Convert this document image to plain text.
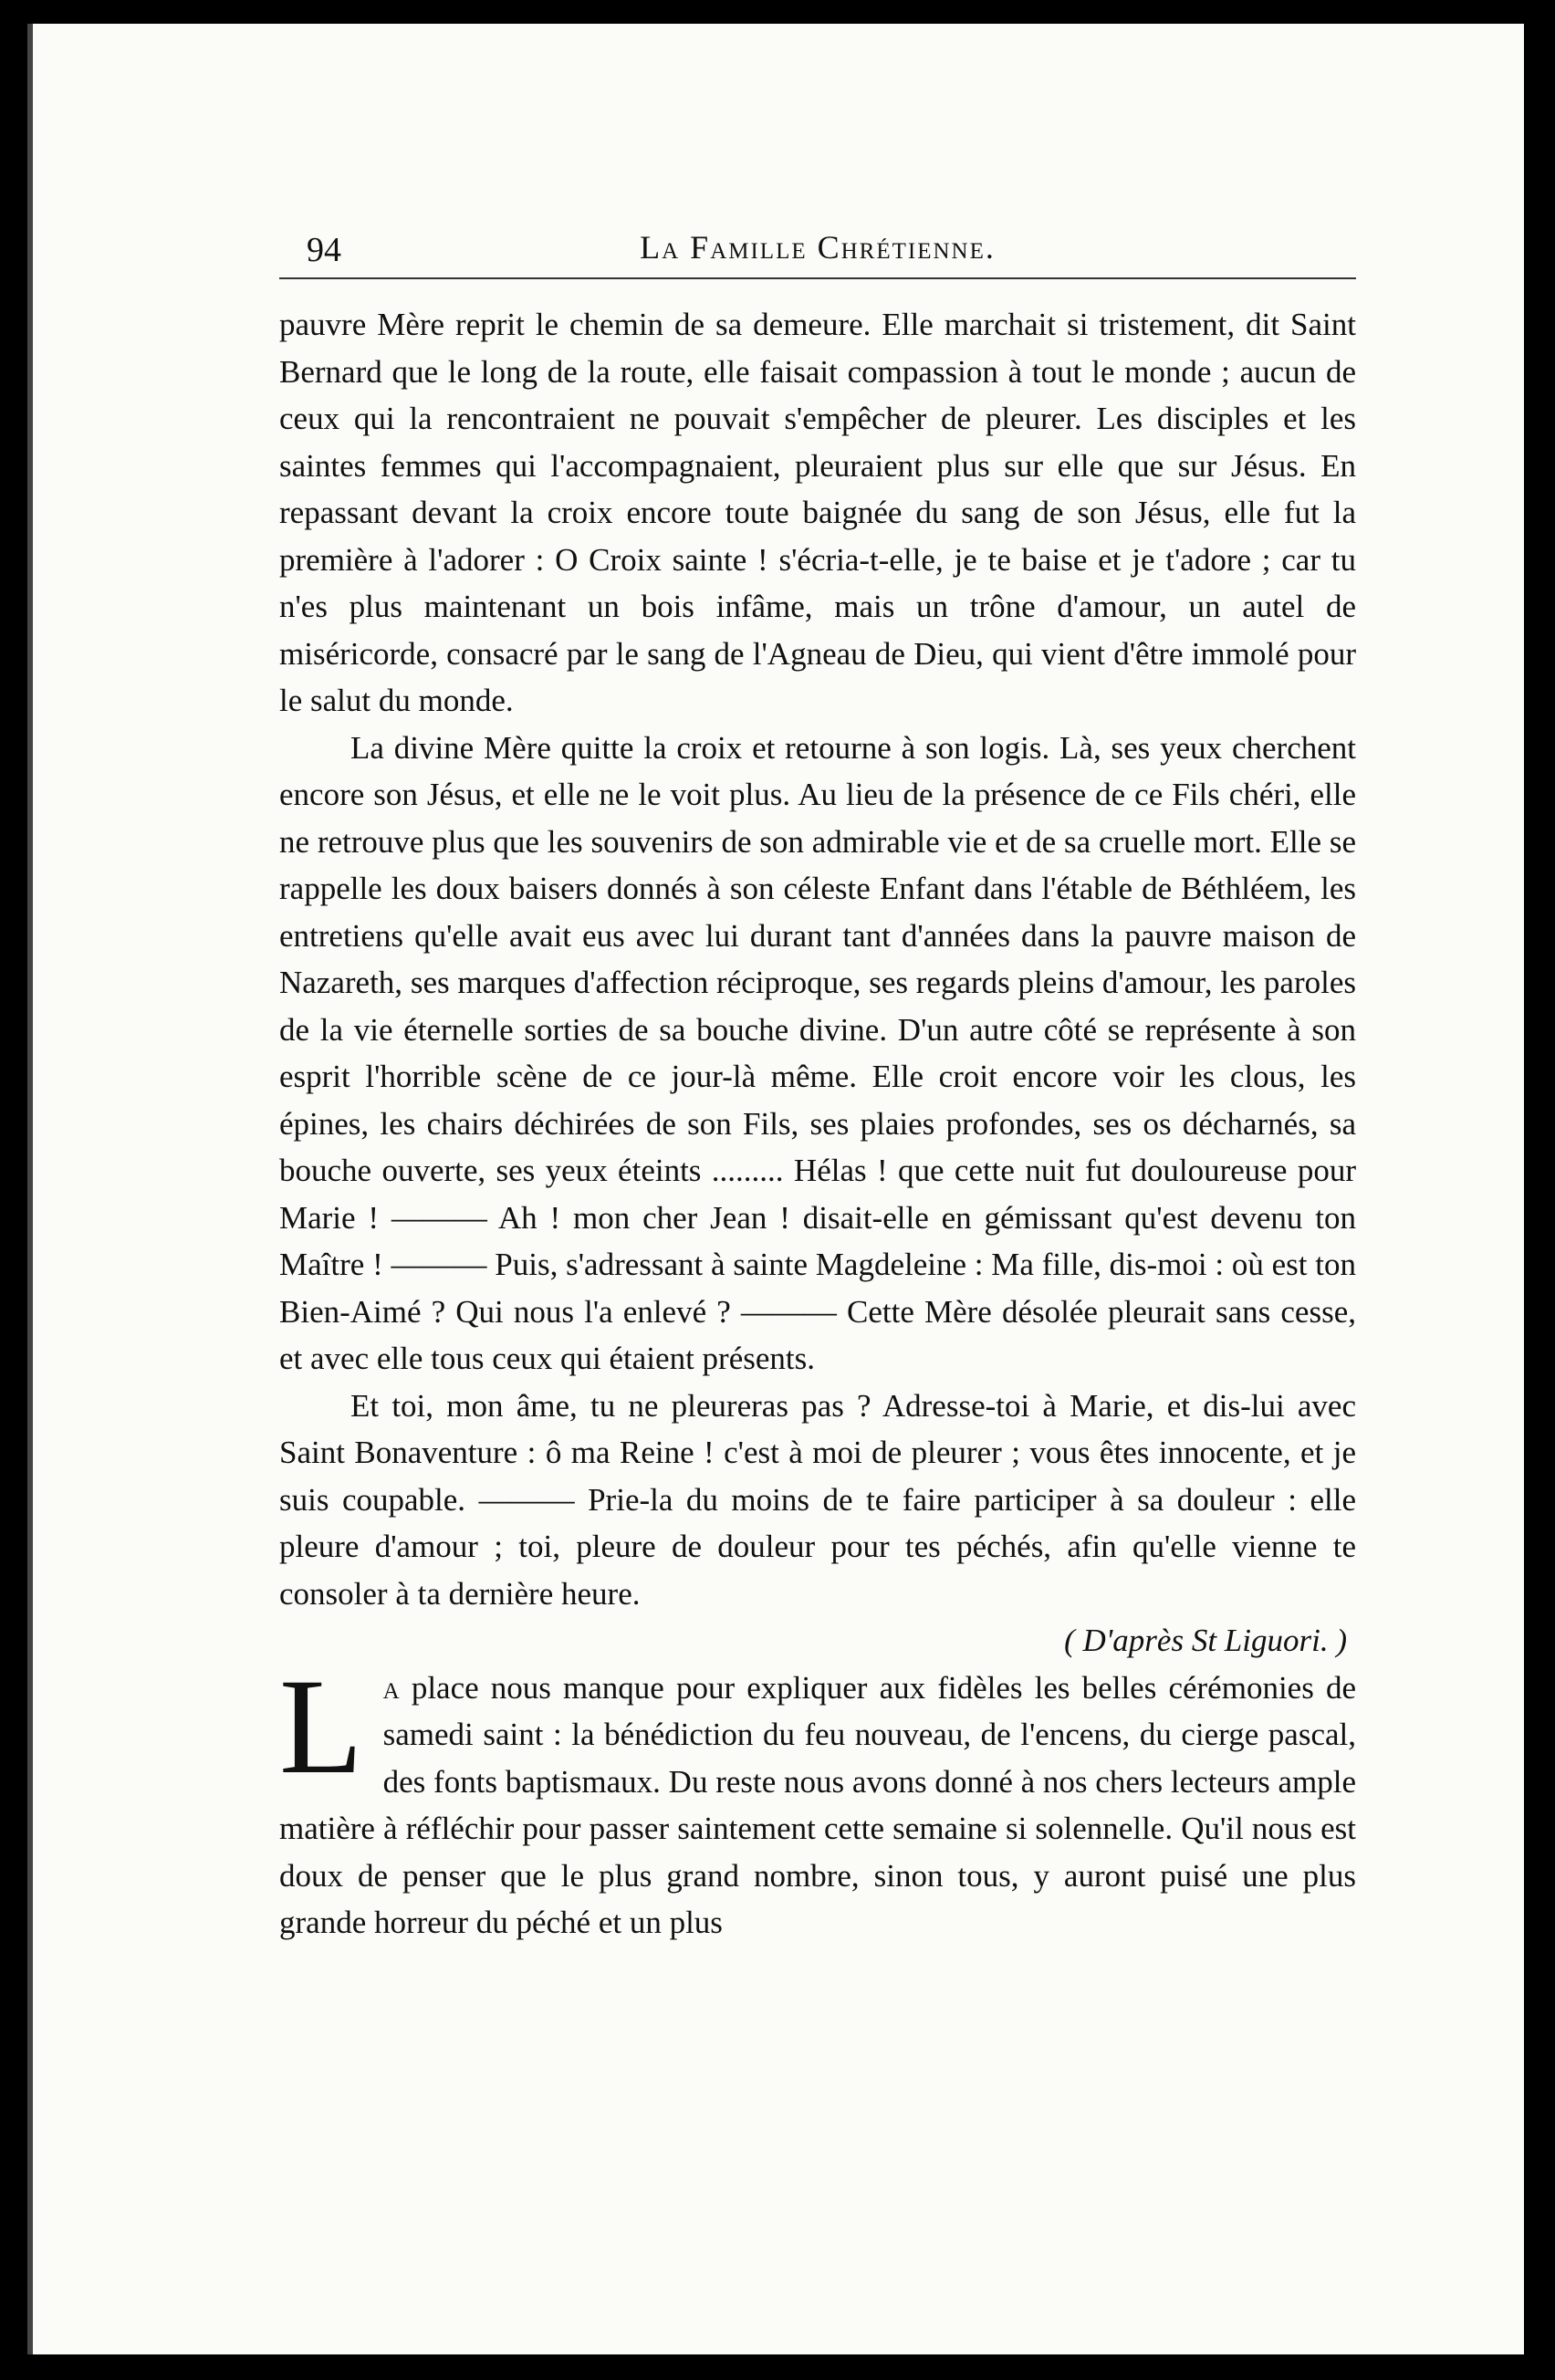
94	La Famille Chrétienne.

pauvre Mère reprit le chemin de sa demeure. Elle marchait si tristement, dit Saint Bernard que le long de la route, elle faisait compassion à tout le monde ; aucun de ceux qui la rencontraient ne pouvait s'empêcher de pleurer. Les disciples et les saintes femmes qui l'accompagnaient, pleuraient plus sur elle que sur Jésus. En repassant devant la croix encore toute baignée du sang de son Jésus, elle fut la première à l'adorer : O Croix sainte ! s'écria-t-elle, je te baise et je t'adore ; car tu n'es plus maintenant un bois infâme, mais un trône d'amour, un autel de miséricorde, consacré par le sang de l'Agneau de Dieu, qui vient d'être immolé pour le salut du monde.

La divine Mère quitte la croix et retourne à son logis. Là, ses yeux cherchent encore son Jésus, et elle ne le voit plus. Au lieu de la présence de ce Fils chéri, elle ne retrouve plus que les souvenirs de son admirable vie et de sa cruelle mort. Elle se rappelle les doux baisers donnés à son céleste Enfant dans l'étable de Béthléem, les entretiens qu'elle avait eus avec lui durant tant d'années dans la pauvre maison de Nazareth, ses marques d'affection réciproque, ses regards pleins d'amour, les paroles de la vie éternelle sorties de sa bouche divine. D'un autre côté se représente à son esprit l'horrible scène de ce jour-là même. Elle croit encore voir les clous, les épines, les chairs déchirées de son Fils, ses plaies profondes, ses os décharnés, sa bouche ouverte, ses yeux éteints ......... Hélas ! que cette nuit fut douloureuse pour Marie ! ——— Ah ! mon cher Jean ! disait-elle en gémissant qu'est devenu ton Maître ! ——— Puis, s'adressant à sainte Magdeleine : Ma fille, dis-moi : où est ton Bien-Aimé ? Qui nous l'a enlevé ? ——— Cette Mère désolée pleurait sans cesse, et avec elle tous ceux qui étaient présents.

Et toi, mon âme, tu ne pleureras pas ? Adresse-toi à Marie, et dis-lui avec Saint Bonaventure : ô ma Reine ! c'est à moi de pleurer ; vous êtes innocente, et je suis coupable. ——— Prie-la du moins de te faire participer à sa douleur : elle pleure d'amour ; toi, pleure de douleur pour tes péchés, afin qu'elle vienne te consoler à ta dernière heure.

( D'après St Liguori. )

La place nous manque pour expliquer aux fidèles les belles cérémonies de samedi saint : la bénédiction du feu nouveau, de l'encens, du cierge pascal, des fonts baptismaux. Du reste nous avons donné à nos chers lecteurs ample matière à réfléchir pour passer saintement cette semaine si solennelle. Qu'il nous est doux de penser que le plus grand nombre, sinon tous, y auront puisé une plus grande horreur du péché et un plus
